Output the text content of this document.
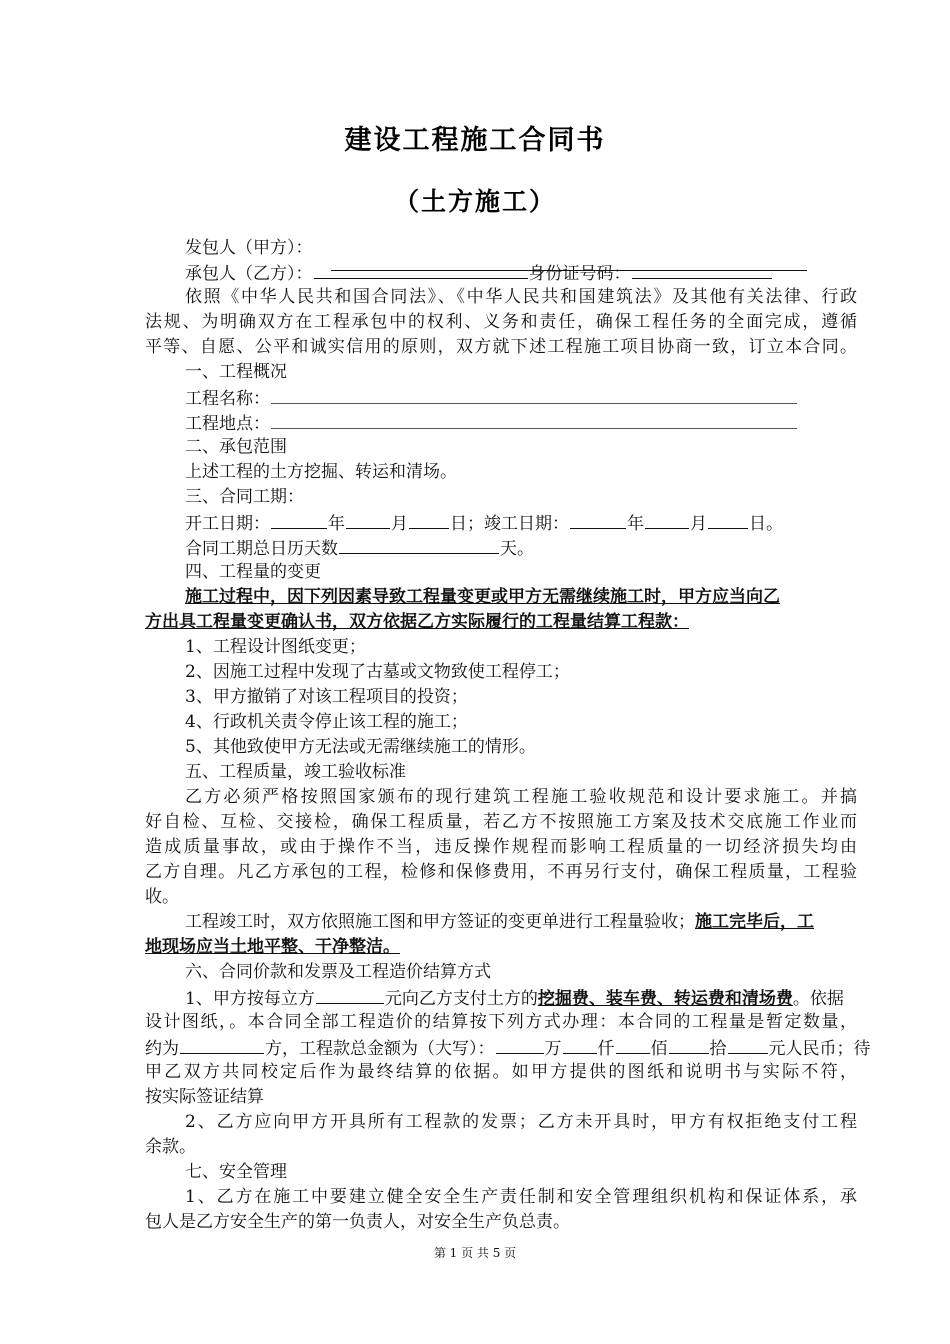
建设工程施工合同书
（土方施工）
发包人（甲方）：
承包人（乙方）：	身份证号码：
依照《中华人民共和国合同法》、《中华人民共和国建筑法》及其他有关法律、行政
法规、为明确双方在工程承包中的权利、义务和责任，确保工程任务的全面完成，遵循
平等、自愿、公平和诚实信用的原则，双方就下述工程施工项目协商一致，订立本合同。
一、工程概况
工程名称：
工程地点：
二、承包范围
上述工程的土方挖掘、转运和清场。
三、合同工期：
开工日期：	年	月 日；竣工日期：	年	月 日。
合同工期总日历天数	天。
四、工程量的变更
施工过程中，因下列因素导致工程量变更或甲方无需继续施工时，甲方应当向乙
方出具工程量变更确认书，双方依据乙方实际履行的工程量结算工程款：
1、工程设计图纸变更；
2、因施工过程中发现了古墓或文物致使工程停工；
3、甲方撤销了对该工程项目的投资；
4、行政机关责令停止该工程的施工；
5、其他致使甲方无法或无需继续施工的情形。
五、工程质量，竣工验收标准
乙方必须严格按照国家颁布的现行建筑工程施工验收规范和设计要求施工。并搞
好自检、互检、交接检，确保工程质量，若乙方不按照施工方案及技术交底施工作业而
造成质量事故，或由于操作不当，违反操作规程而影响工程质量的一切经济损失均由
乙方自理。凡乙方承包的工程，检修和保修费用，不再另行支付，确保工程质量，工程验
收。
工程竣工时，双方依照施工图和甲方签证的变更单进行工程量验收；施工完毕后，工
地现场应当土地平整、干净整洁。
六、合同价款和发票及工程造价结算方式
1、甲方按每立方	元向乙方支付土方的挖掘费、装车费、转运费和清场费。依据
设计图纸，。本合同全部工程造价的结算按下列方式办理：本合同的工程量是暂定数量，
约为	方，工程款总金额为（大写）：	万 仟 佰 拾 元人民币；待
甲乙双方共同校定后作为最终结算的依据。如甲方提供的图纸和说明书与实际不符，
按实际签证结算
2、乙方应向甲方开具所有工程款的发票；乙方未开具时，甲方有权拒绝支付工程
余款。
七、安全管理
1、乙方在施工中要建立健全安全生产责任制和安全管理组织机构和保证体系，承
包人是乙方安全生产的第一负责人，对安全生产负总责。
第 1 页 共 5 页
